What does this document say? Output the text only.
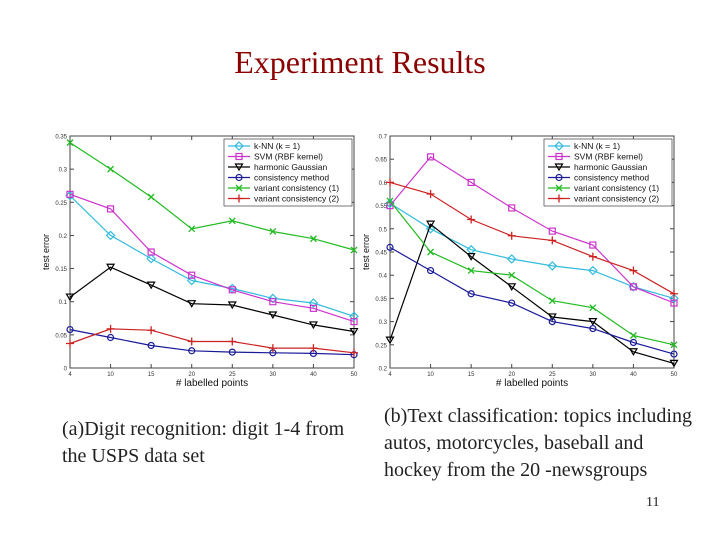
Experiment Results
0
0.05
0.1
0.15
0.2
0.25
0.3
0.35
4	10	15	20	25	30	40	50
# labelled points
test error
k-NN (k = 1)
SVM (RBF kernel)
harmonic Gaussian
consistency method
variant consistency (1)
variant consistency (2)
0.2
0.25
0.3
0.35
0.4
0.45
0.5
0.55
0.6
0.65
0.7
4	10	15	20	25	30	40	50
# labelled points
test error
k-NN (k = 1)
SVM (RBF kernel)
harmonic Gaussian
consistency method
variant consistency (1)
variant consistency (2)
(a)Digit recognition: digit 1-4 from the USPS data set
(b)Text classification: topics including autos, motorcycles, baseball and hockey from the 20 -newsgroups
11
